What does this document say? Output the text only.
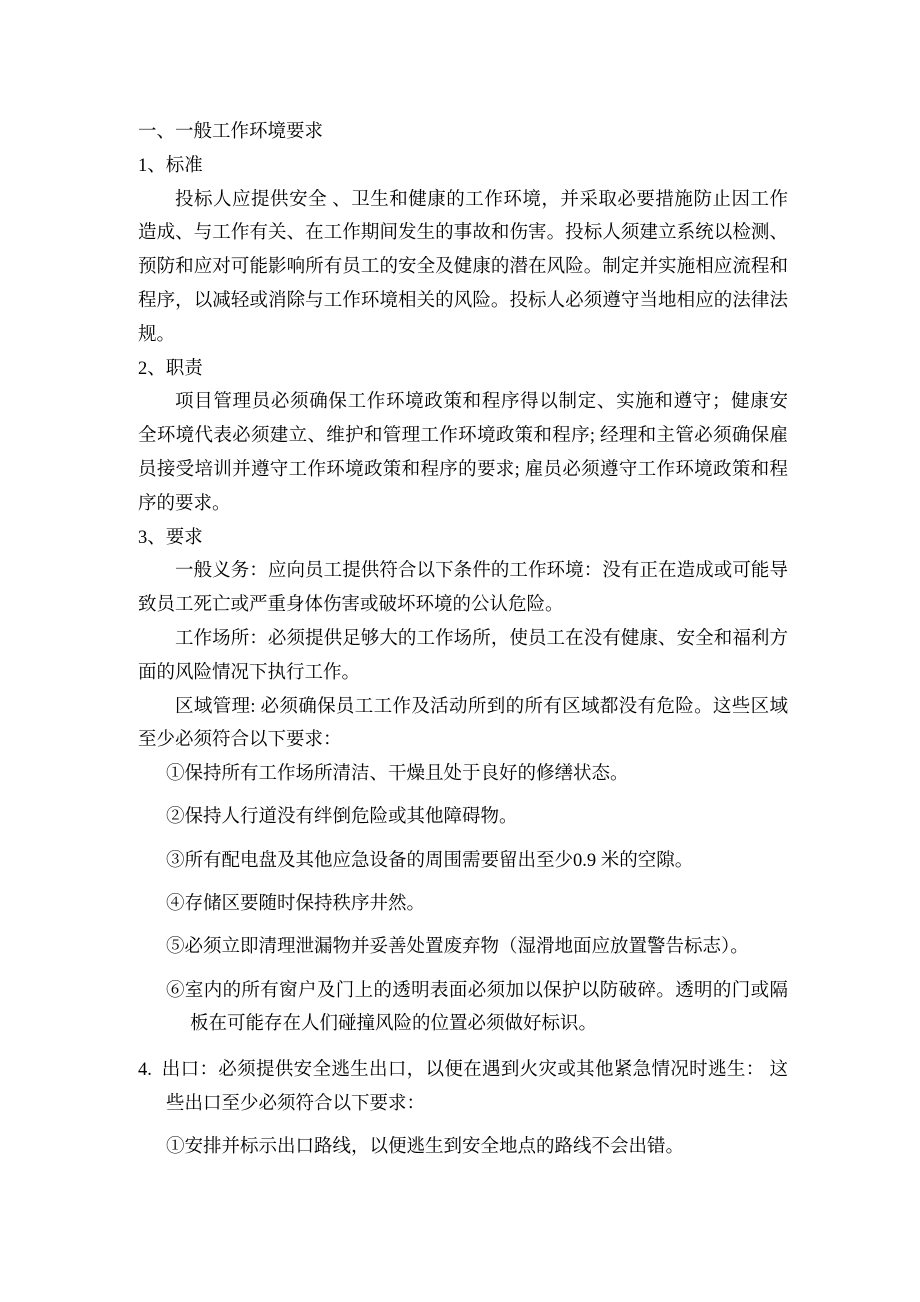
一、一般工作环境要求
1、标准
投标人应提供安全 、卫生和健康的工作环境，并采取必要措施防止因工作
造成、与工作有关、在工作期间发生的事故和伤害。投标人须建立系统以检测、
预防和应对可能影响所有员工的安全及健康的潜在风险。制定并实施相应流程和
程序，以减轻或消除与工作环境相关的风险。投标人必须遵守当地相应的法律法
规。
2、职责
项目管理员必须确保工作环境政策和程序得以制定、实施和遵守；健康安
全环境代表必须建立、维护和管理工作环境政策和程序; 经理和主管必须确保雇
员接受培训并遵守工作环境政策和程序的要求; 雇员必须遵守工作环境政策和程
序的要求。
3、要求
一般义务：应向员工提供符合以下条件的工作环境：没有正在造成或可能导
致员工死亡或严重身体伤害或破坏环境的公认危险。
工作场所：必须提供足够大的工作场所，使员工在没有健康、安全和福利方
面的风险情况下执行工作。
区域管理: 必须确保员工工作及活动所到的所有区域都没有危险。这些区域
至少必须符合以下要求：
①保持所有工作场所清洁、干燥且处于良好的修缮状态。
②保持人行道没有绊倒危险或其他障碍物。
③所有配电盘及其他应急设备的周围需要留出至少0.9 米的空隙。
④存储区要随时保持秩序井然。
⑤必须立即清理泄漏物并妥善处置废弃物（湿滑地面应放置警告标志）。
⑥室内的所有窗户及门上的透明表面必须加以保护以防破碎。透明的门或隔
板在可能存在人们碰撞风险的位置必须做好标识。
4.  出口：必须提供安全逃生出口，以便在遇到火灾或其他紧急情况时逃生： 这
些出口至少必须符合以下要求：
①安排并标示出口路线，以便逃生到安全地点的路线不会出错。
